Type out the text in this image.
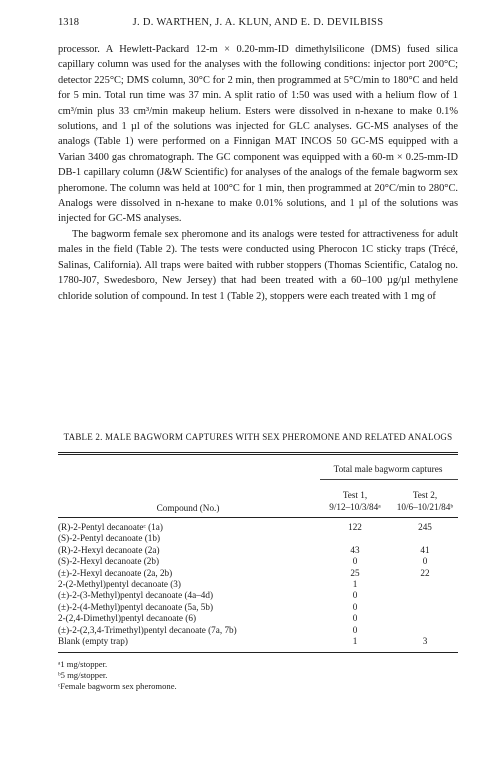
1318	J. D. WARTHEN, J. A. KLUN, AND E. D. DEVILBISS

processor. A Hewlett-Packard 12-m × 0.20-mm-ID dimethylsilicone (DMS) fused silica capillary column was used for the analyses with the following conditions: injector port 200°C; detector 225°C; DMS column, 30°C for 2 min, then programmed at 5°C/min to 180°C and held for 5 min. Total run time was 37 min. A split ratio of 1:50 was used with a helium flow of 1 cm³/min plus 33 cm³/min makeup helium. Esters were dissolved in n-hexane to make 0.1% solutions, and 1 µl of the solutions was injected for GLC analyses. GC-MS analyses of the analogs (Table 1) were performed on a Finnigan MAT INCOS 50 GC-MS equipped with a Varian 3400 gas chromatograph. The GC component was equipped with a 60-m × 0.25-mm-ID DB-1 capillary column (J&W Scientific) for analyses of the analogs of the female bagworm sex pheromone. The column was held at 100°C for 1 min, then programmed at 20°C/min to 280°C. Analogs were dissolved in n-hexane to make 0.01% solutions, and 1 µl of the solutions was injected for GC-MS analyses.

The bagworm female sex pheromone and its analogs were tested for attractiveness for adult males in the field (Table 2). The tests were conducted using Pherocon 1C sticky traps (Trécé, Salinas, California). All traps were baited with rubber stoppers (Thomas Scientific, Catalog no. 1780-J07, Swedesboro, New Jersey) that had been treated with a 60–100 µg/µl methylene chloride solution of compound. In test 1 (Table 2), stoppers were each treated with 1 mg of

TABLE 2. MALE BAGWORM CAPTURES WITH SEX PHEROMONE AND RELATED ANALOGS
Total male bagworm captures
Compound (No.)
Test 1,
9/12–10/3/84ᵃ
Test 2,
10/6–10/21/84ᵇ
(R)-2-Pentyl decanoateᶜ (1a)	122	245
(S)-2-Pentyl decanoate (1b)
(R)-2-Hexyl decanoate (2a)	43	41
(S)-2-Hexyl decanoate (2b)	0	0
(±)-2-Hexyl decanoate (2a, 2b)	25	22
2-(2-Methyl)pentyl decanoate (3)	1
(±)-2-(3-Methyl)pentyl decanoate (4a–4d)	0
(±)-2-(4-Methyl)pentyl decanoate (5a, 5b)	0
2-(2,4-Dimethyl)pentyl decanoate (6)	0
(±)-2-(2,3,4-Trimethyl)pentyl decanoate (7a, 7b)	0
Blank (empty trap)	1	3
ᵃ1 mg/stopper.
ᵇ5 mg/stopper.
ᶜFemale bagworm sex pheromone.
